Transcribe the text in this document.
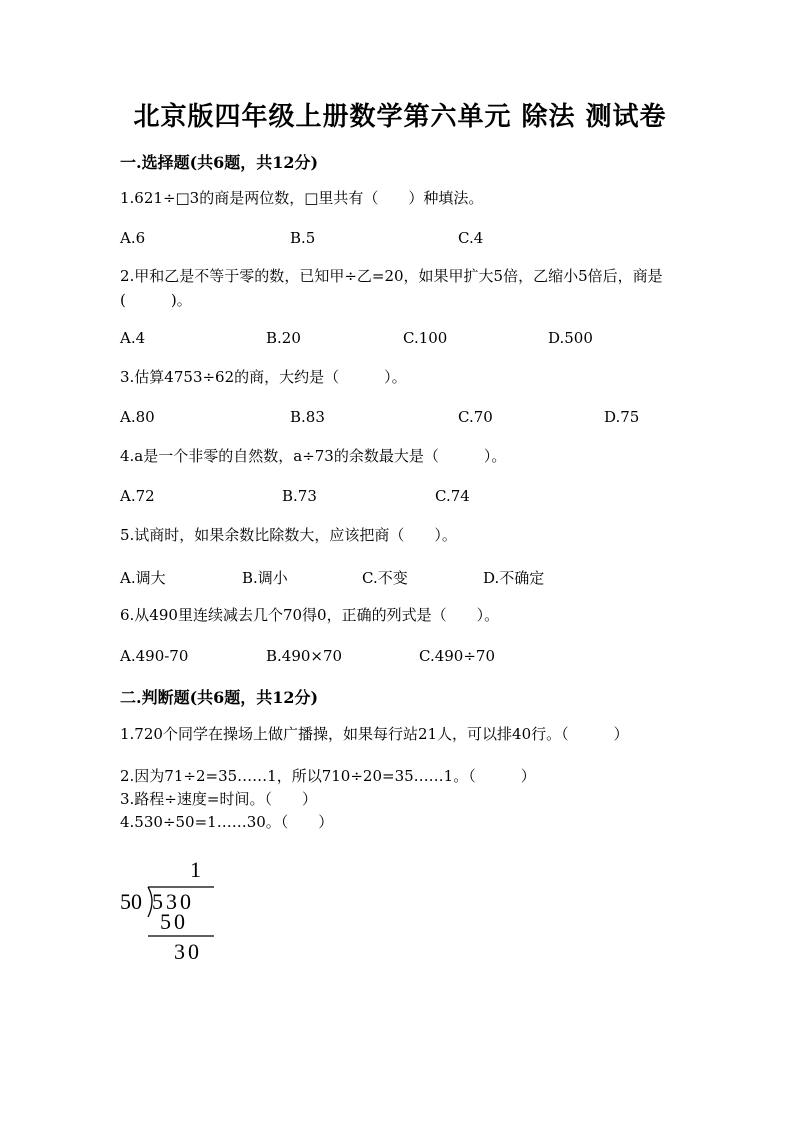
北京版四年级上册数学第六单元 除法 测试卷
一.选择题(共6题，共12分)
1.621÷□3的商是两位数，□里共有（　　）种填法。
A.6	B.5	C.4
2.甲和乙是不等于零的数，已知甲÷乙=20，如果甲扩大5倍，乙缩小5倍后，商是(　　　)。
A.4	B.20	C.100	D.500
3.估算4753÷62的商，大约是（　　　）。
A.80	B.83	C.70	D.75
4.a是一个非零的自然数，a÷73的余数最大是（　　　）。
A.72	B.73	C.74
5.试商时，如果余数比除数大，应该把商（　　）。
A.调大	B.调小	C.不变	D.不确定
6.从490里连续减去几个70得0，正确的列式是（　　）。
A.490-70	B.490×70	C.490÷70
二.判断题(共6题，共12分)
1.720个同学在操场上做广播操，如果每行站21人，可以排40行。（　　　）
2.因为71÷2=35……1，所以710÷20=35……1。（　　　）
3.路程÷速度=时间。（　　）
4.530÷50=1……30。（　　）
1
50 530
50
30
